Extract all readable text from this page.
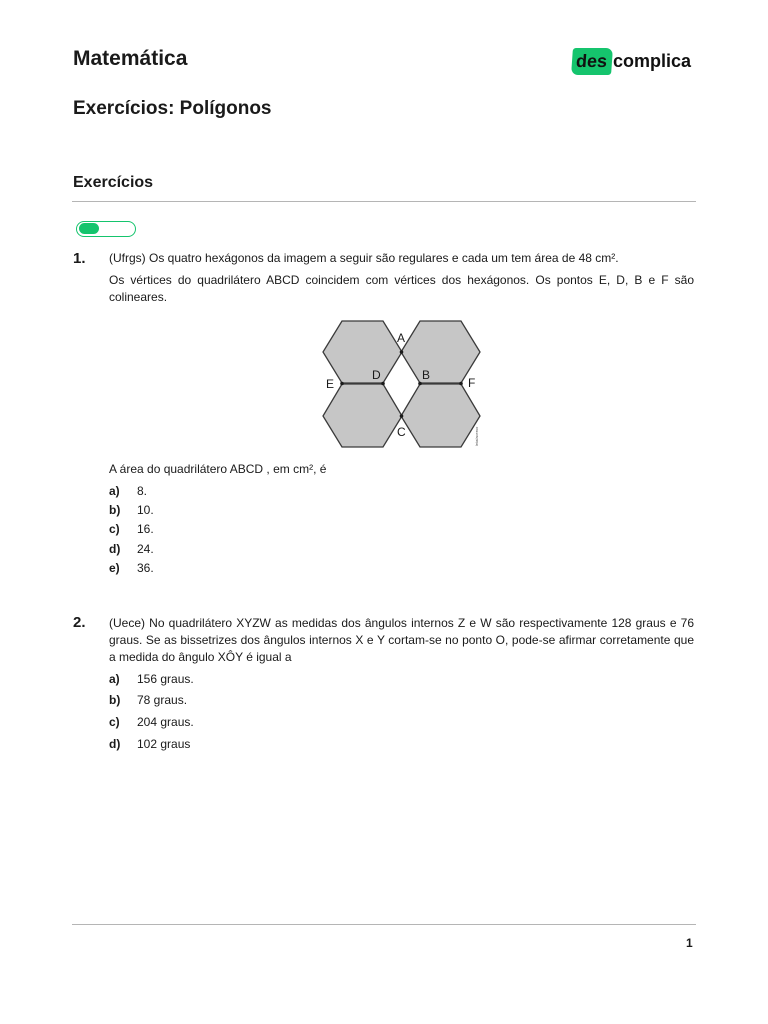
Matemática	des complica
Exercícios: Polígonos
Exercícios
1. (Ufrgs) Os quatro hexágonos da imagem a seguir são regulares e cada um tem área de 48 cm².
Os vértices do quadrilátero ABCD coincidem com vértices dos hexágonos. Os pontos E, D, B e F são colineares.
A
B
C
D
E	F
leia/acervo
A área do quadrilátero ABCD , em cm², é
a) 8.
b) 10.
c) 16.
d) 24.
e) 36.
2. (Uece) No quadrilátero XYZW as medidas dos ângulos internos Z e W são respectivamente 128 graus e 76 graus. Se as bissetrizes dos ângulos internos X e Y cortam-se no ponto O, pode-se afirmar corretamente que a medida do ângulo XÔY é igual a
a) 156 graus.
b) 78 graus.
c) 204 graus.
d) 102 graus
1
